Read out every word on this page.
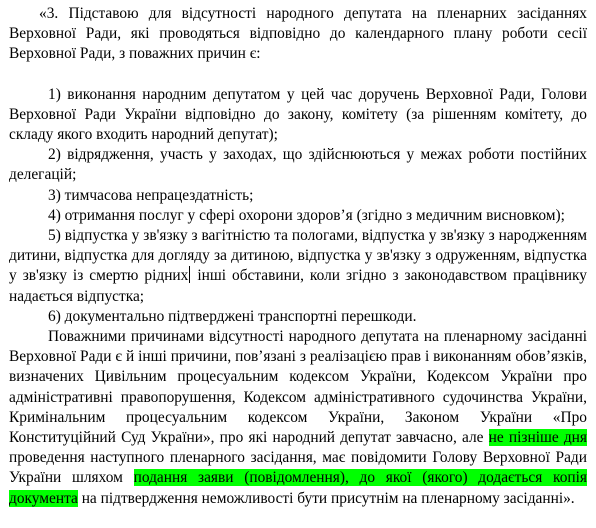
«3. Підставою для відсутності народного депутата на пленарних засіданнях Верховної Ради, які проводяться відповідно до календарного плану роботи сесії Верховної Ради, з поважних причин є:

1) виконання народним депутатом у цей час доручень Верховної Ради, Голови Верховної Ради України відповідно до закону, комітету (за рішенням комітету, до складу якого входить народний депутат);

2) відрядження, участь у заходах, що здійснюються у межах роботи постійних делегацій;

3) тимчасова непрацездатність;

4) отримання послуг у сфері охорони здоров’я (згідно з медичним висновком);

5) відпустка у зв'язку з вагітністю та пологами, відпустка у зв'язку з народженням дитини, відпустка для догляду за дитиною, відпустка у зв'язку з одруженням, відпустка у зв'язку із смертю рідних інші обставини, коли згідно з законодавством працівнику надається відпустка;

6) документально підтверджені транспортні перешкоди.

Поважними причинами відсутності народного депутата на пленарному засіданні Верховної Ради є й інші причини, пов’язані з реалізацією прав і виконанням обов’язків, визначених Цивільним процесуальним кодексом України, Кодексом України про адміністративні правопорушення, Кодексом адміністративного судочинства України, Кримінальним процесуальним кодексом України, Законом України «Про Конституційний Суд України», про які народний депутат завчасно, але не пізніше дня проведення наступного пленарного засідання, має повідомити Голову Верховної Ради України шляхом подання заяви (повідомлення), до якої (якого) додається копія документа на підтвердження неможливості бути присутнім на пленарному засіданні».
